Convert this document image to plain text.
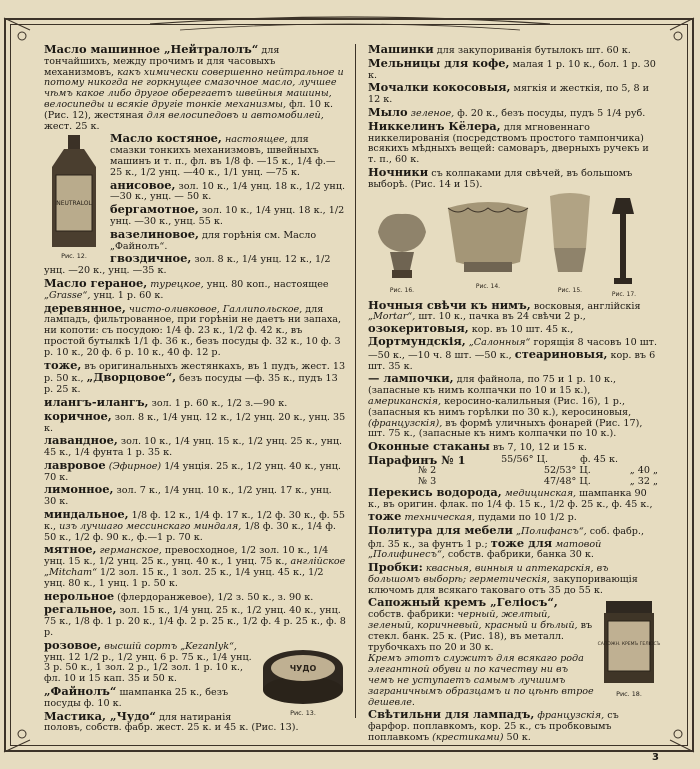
Масло машинное „Нейтралолъ“ для тончайшихъ, между прочимъ и для часовыхъ механизмовъ, какъ химически совершенно нейтральное и потому никогда не горкнущее смазочное масло, лучшее чѣмъ какое либо другое оберегаетъ швейныя машины, велосипеды и всякіе другіе тонкіе механизмы, фл. 10 к. (Рис. 12), жестяная для велосипедовъ и автомобилей, жест. 25 к.

NEUTRALOL
Рис. 12.

Масло костяное, настоящее, для смазки тонкихъ механизмовъ, швейныхъ машинъ и т. п., фл. въ 1/8 ф. —15 к., 1/4 ф.—25 к., 1/2 унц. —40 к., 1/1 унц. —75 к.

анисовое, зол. 10 к., 1/4 унц. 18 к., 1/2 унц. —30 к., унц. — 50 к.

бергамотное, зол. 10 к., 1/4 унц. 18 к., 1/2 унц. —30 к., унц. 55 к.

вазелиновое, для горѣнія см. Масло „Файнолъ“.

гвоздичное, зол. 8 к., 1/4 унц. 12 к., 1/2 унц. —20 к., унц. —35 к.

Масло гераное, турецкое, унц. 80 коп., настоящее „Grasse“, унц. 1 р. 60 к.

деревянное, чисто-оливковое, Галлипольское, для лампадъ, фильтрованное, при горѣніи не даетъ ни запаха, ни копоти: съ посудою: 1/4 ф. 23 к., 1/2 ф. 42 к., въ простой бутылкѣ 1/1 ф. 36 к., безъ посуды ф. 32 к., 10 ф. 3 р. 10 к., 20 ф. 6 р. 10 к., 40 ф. 12 р.

тоже, въ оригинальныхъ жестянкахъ, въ 1 пудъ, жест. 13 р. 50 к., „Дворцовое“, безъ посуды —ф. 35 к., пудъ 13 р. 25 к.

илангъ-илангъ, зол. 1 р. 60 к., 1/2 з.—90 к.

коричное, зол. 8 к., 1/4 унц. 12 к., 1/2 унц. 20 к., унц. 35 к.

лавандное, зол. 10 к., 1/4 унц. 15 к., 1/2 унц. 25 к., унц. 45 к., 1/4 фунта 1 р. 35 к.

лавровое (Эфирное) 1/4 унція. 25 к., 1/2 унц. 40 к., унц. 70 к.

лимонное, зол. 7 к., 1/4 унц. 10 к., 1/2 унц. 17 к., унц. 30 к.

миндальное, 1/8 ф. 12 к., 1/4 ф. 17 к., 1/2 ф. 30 к., ф. 55 к., изъ лучшаго мессинскаго миндаля, 1/8 ф. 30 к., 1/4 ф. 50 к., 1/2 ф. 90 к., ф.—1 р. 70 к.

мятное, германское, превосходное, 1/2 зол. 10 к., 1/4 унц. 15 к., 1/2 унц. 25 к., унц. 40 к., 1 унц. 75 к., англійское „Mitcham“ 1/2 зол. 15 к., 1 зол. 25 к., 1/4 унц. 45 к., 1/2 унц. 80 к., 1 унц. 1 р. 50 к.

нерольное (флердоранжевое), 1/2 з. 50 к., з. 90 к.

регальное, зол. 15 к., 1/4 унц. 25 к., 1/2 унц. 40 к., унц. 75 к., 1/8 ф. 1 р. 20 к., 1/4 ф. 2 р. 25 к., 1/2 ф. 4 р. 25 к., ф. 8 р.

ЧУДО
Рис. 13.

розовое, высшій сортъ „Kezanlyk“, унц. 12 1/2 р., 1/2 унц. 6 р. 75 к., 1/4 унц. 3 р. 50 к., 1 зол. 2 р., 1/2 зол. 1 р. 10 к., фл. 10 и 15 кап. 35 и 50 к.

„Файнолъ“ шампанка 25 к., безъ посуды ф. 10 к.

Мастика, „Чудо“ для натиранія половъ, собств. фабр. жест. 25 к. и 45 к. (Рис. 13).

Машинки для закупориванія бутылокъ шт. 60 к.

Мельницы для кофе, малая 1 р. 10 к., бол. 1 р. 30 к.

Мочалки кокосовыя, мягкія и жесткія, по 5, 8 и 12 к.

Мыло зеленое, ф. 20 к., безъ посуды, пудъ 5 1/4 руб.

Никкелинъ Кёлера, для мгновеннаго никкелированія (посредствомъ простого тампончика) всякихъ мѣдныхъ вещей: самоваръ, дверныхъ ручекъ и т. п., 60 к.

Ночники съ колпаками для свѣчей, въ большомъ выборѣ. (Рис. 14 и 15).

Рис. 16.
Рис. 14.
Рис. 15.
Рис. 17.

Ночныя свѣчи къ нимъ, восковыя, англійскія „Mortar“, шт. 10 к., пачка въ 24 свѣчи 2 р., озокеритовыя, кор. въ 10 шт. 45 к., Дортмундскія, „Салонныя“ горящія 8 часовъ 10 шт. —50 к., —10 ч. 8 шт. —50 к., стеариновыя, кор. въ 6 шт. 35 к.

— лампочки, для файнола, по 75 и 1 р. 10 к., (запасные къ нимъ колпачки по 10 и 15 к.), американскія, керосино-калильныя (Рис. 16), 1 р., (запасныя къ нимъ горѣлки по 30 к.), керосиновыя, (французскія), въ формѣ уличныхъ фонарей (Рис. 17), шт. 75 к., (запасные къ нимъ колпачки по 10 к.).

Оконные стаканы въ 7, 10, 12 и 15 к.

Парафинъ № 1	55/56° Ц.	ф. 45 к.
№ 2	52/53° Ц.	„ 40 „
№ 3	47/48° Ц.	„ 32 „

Перекись водорода, медицинская, шампанка 90 к., въ оригин. флак. по 1/4 ф. 15 к., 1/2 ф. 25 к., ф. 45 к., тоже техническая, пудами по 10 1/2 р.

Политура для мебели „Полифансъ“, соб. фабр., фл. 35 к., за фунтъ 1 р.; тоже для матовой „Полифинесъ“, собств. фабрики, банка 30 к.

Пробки: квасныя, винныя и аптекарскія, въ большомъ выборѣ; герметическія, закупоривающія ключомъ для всякаго таковаго отъ 35 до 55 к.

САПОЖН. КРЕМЪ ГЕЛІОСЪ
Рис. 18.

Сапожный кремъ „Геліосъ“, собств. фабрики: черный, желтый, зеленый, коричневый, красный и бѣлый, въ стекл. банк. 25 к. (Рис. 18), въ металл. трубочкахъ по 20 и 30 к.

Кремъ этотъ служитъ для всякаго рода элегантной обуви и по качеству ни въ чемъ не уступаетъ самымъ лучшимъ заграничнымъ образцамъ и по цѣнѣ втрое дешевле.

Свѣтильни для лампадъ, французскія, съ фарфор. поплавкомъ, кор. 25 к., съ пробковымъ поплавкомъ (крестиками) 50 к.

3
